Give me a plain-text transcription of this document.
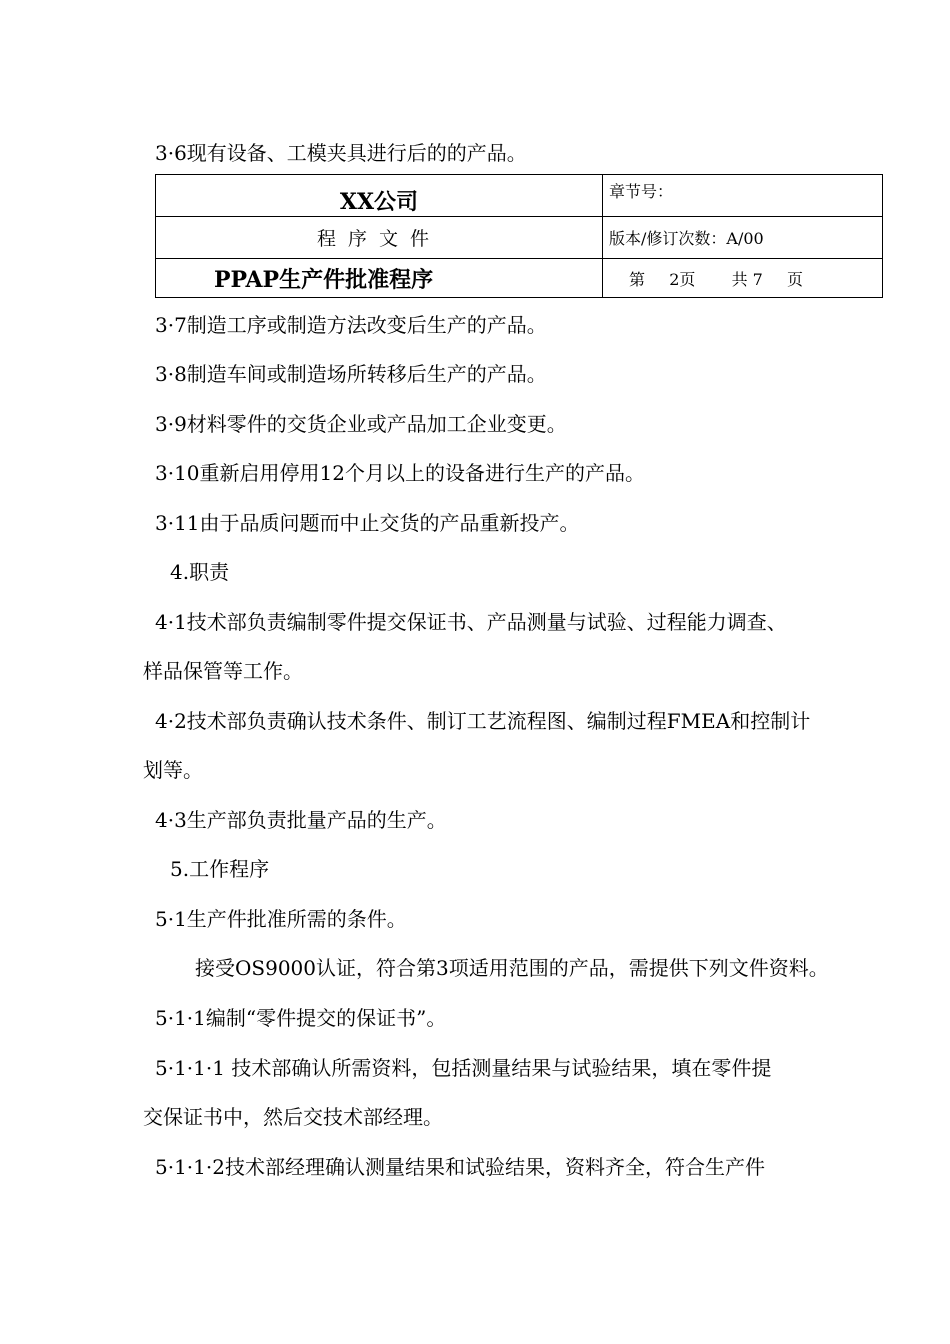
3·6现有设备、工模夹具进行后的的产品。
XX公司	章节号：
程序文件	版本/修订次数：A/00
PPAP生产件批准程序	第 2页 共 7 页
3·7制造工序或制造方法改变后生产的产品。
3·8制造车间或制造场所转移后生产的产品。
3·9材料零件的交货企业或产品加工企业变更。
3·10重新启用停用12个月以上的设备进行生产的产品。
3·11由于品质问题而中止交货的产品重新投产。
4.职责
4·1技术部负责编制零件提交保证书、产品测量与试验、过程能力调查、
样品保管等工作。
4·2技术部负责确认技术条件、制订工艺流程图、编制过程FMEA和控制计
划等。
4·3生产部负责批量产品的生产。
5.工作程序
5·1生产件批准所需的条件。
接受OS9000认证，符合第3项适用范围的产品，需提供下列文件资料。
5·1·1编制“零件提交的保证书”。
5·1·1·1 技术部确认所需资料，包括测量结果与试验结果，填在零件提
交保证书中，然后交技术部经理。
5·1·1·2技术部经理确认测量结果和试验结果，资料齐全，符合生产件
